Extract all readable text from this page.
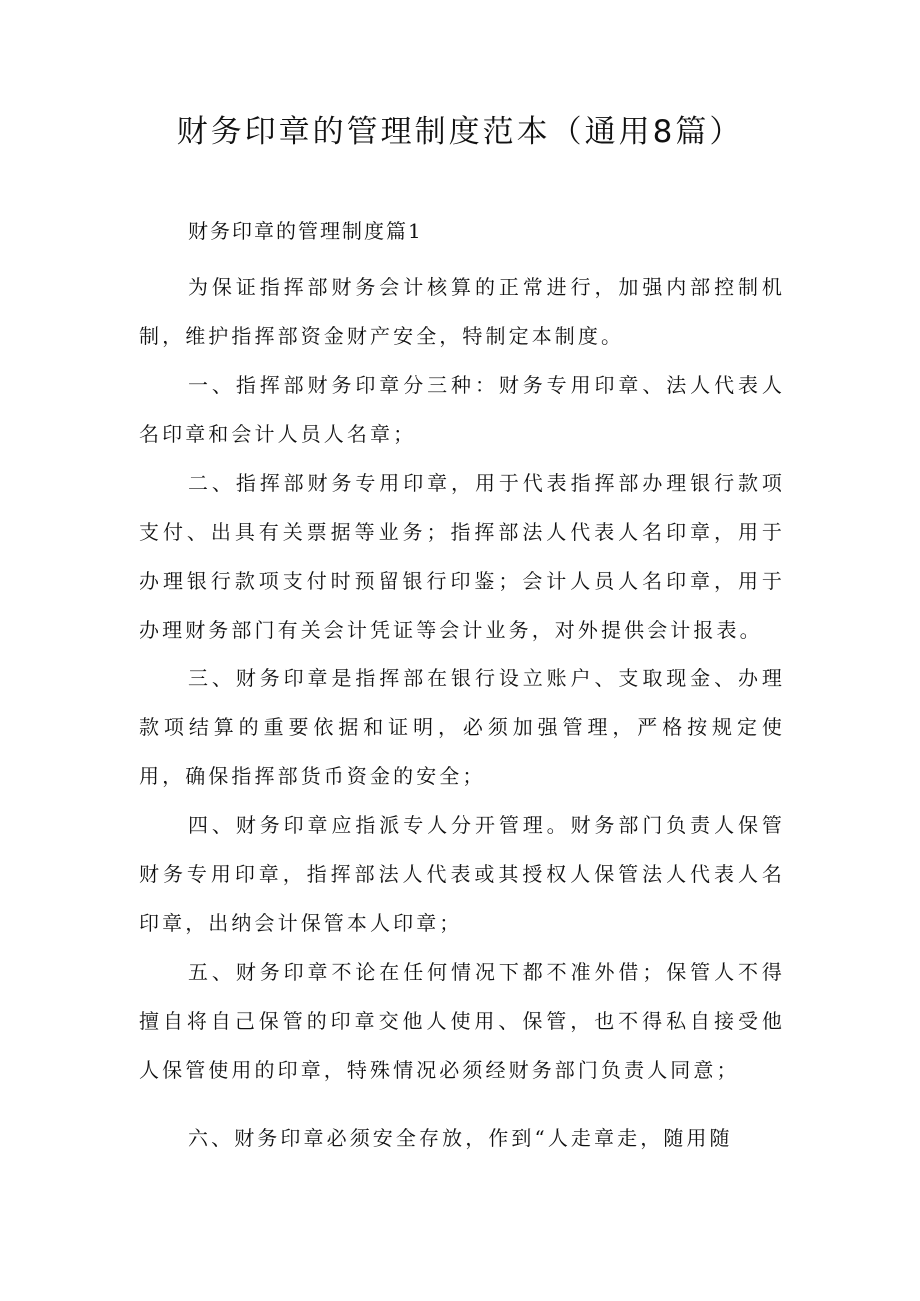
财务印章的管理制度范本（通用8篇）
财务印章的管理制度篇1

为保证指挥部财务会计核算的正常进行，加强内部控制机制，维护指挥部资金财产安全，特制定本制度。

一、指挥部财务印章分三种：财务专用印章、法人代表人名印章和会计人员人名章；

二、指挥部财务专用印章，用于代表指挥部办理银行款项支付、出具有关票据等业务；指挥部法人代表人名印章，用于办理银行款项支付时预留银行印鉴；会计人员人名印章，用于办理财务部门有关会计凭证等会计业务，对外提供会计报表。

三、财务印章是指挥部在银行设立账户、支取现金、办理款项结算的重要依据和证明，必须加强管理，严格按规定使用，确保指挥部货币资金的安全；

四、财务印章应指派专人分开管理。财务部门负责人保管财务专用印章，指挥部法人代表或其授权人保管法人代表人名印章，出纳会计保管本人印章；

五、财务印章不论在任何情况下都不准外借；保管人不得擅自将自己保管的印章交他人使用、保管，也不得私自接受他人保管使用的印章，特殊情况必须经财务部门负责人同意；

六、财务印章必须安全存放，作到“人走章走，随用随
